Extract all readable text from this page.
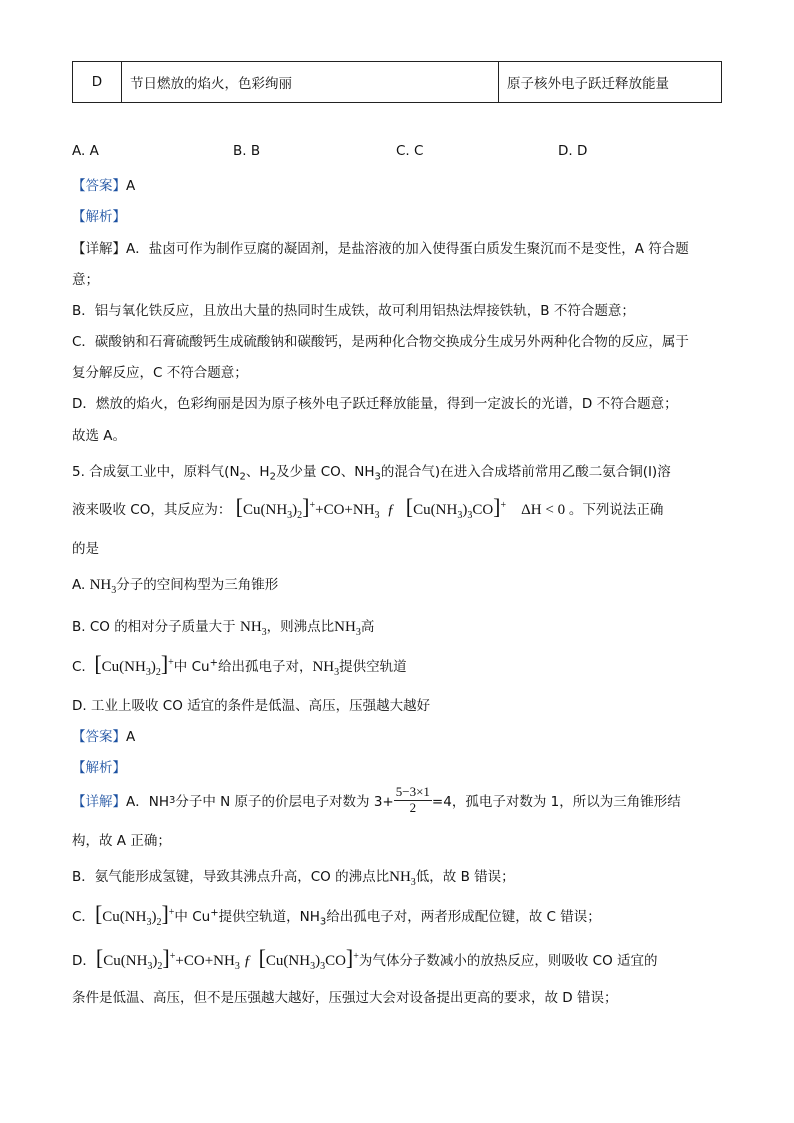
D	节日燃放的焰火，色彩绚丽	原子核外电子跃迁释放能量
A. A	B. B	C. C	D. D
【答案】A
【解析】
【详解】A．盐卤可作为制作豆腐的凝固剂，是盐溶液的加入使得蛋白质发生聚沉而不是变性，A 符合题
意；
B．铝与氧化铁反应，且放出大量的热同时生成铁，故可利用铝热法焊接铁轨，B 不符合题意；
C．碳酸钠和石膏硫酸钙生成硫酸钠和碳酸钙，是两种化合物交换成分生成另外两种化合物的反应，属于
复分解反应，C 不符合题意；
D．燃放的焰火，色彩绚丽是因为原子核外电子跃迁释放能量，得到一定波长的光谱，D 不符合题意；
故选 A。
5. 合成氨工业中，原料气($N_2$、$H_2$及少量 CO、$NH_3$的混合气)在进入合成塔前常用乙酸二氨合铜(Ⅰ)溶
液来吸收 CO，其反应为： $[Cu(NH_3)_2]^++CO+NH_3$ ƒ $[Cu(NH_3)_3CO]^+$ ΔH < 0 。下列说法正确
的是
A. $NH_3$分子的空间构型为三角锥形
B. CO 的相对分子质量大于 $NH_3$，则沸点比$NH_3$高
C. $[Cu(NH_3)_2]^+$中 Cu+给出孤电子对，$NH_3$提供空轨道
D. 工业上吸收 CO 适宜的条件是低温、高压，压强越大越好
【答案】A
【解析】
【详解】 A．NH 3 分子中 N 原子的价层电子对数为 $3+ \frac{5-3\times 1}{2} =4$，孤电子对数为 1，所以为三角锥形结
构，故 A 正确；
B．氨气能形成氢键，导致其沸点升高，CO 的沸点比$NH_3$低，故 B 错误；
C．$[Cu(NH_3)_2]^+$中 Cu+提供空轨道，$NH_3$给出孤电子对，两者形成配位键，故 C 错误；
D．$[Cu(NH_3)_2]^++CO+NH_3$ ƒ $[Cu(NH_3)_3CO]^+$为气体分子数减小的放热反应，则吸收 CO 适宜的
条件是低温、高压，但不是压强越大越好，压强过大会对设备提出更高的要求，故 D 错误；
